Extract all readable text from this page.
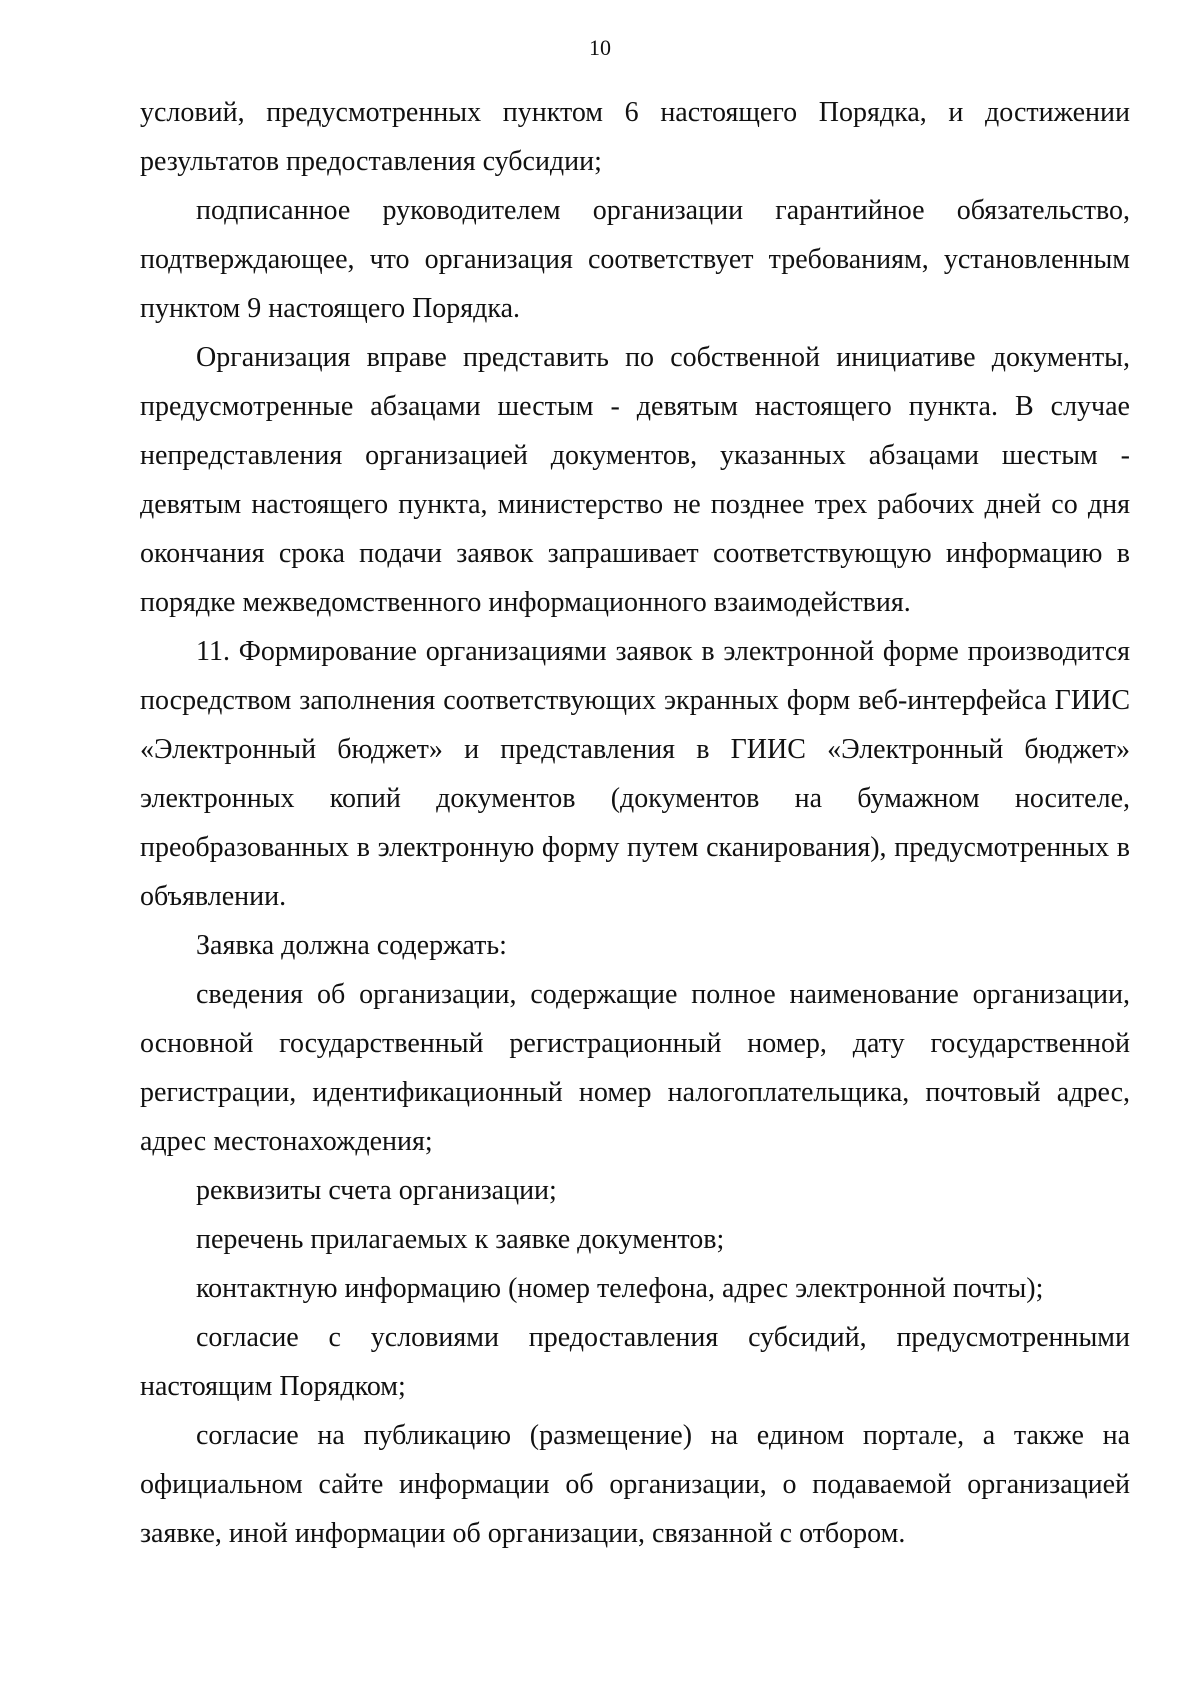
10

условий, предусмотренных пунктом 6 настоящего Порядка, и достижении результатов предоставления субсидии;

подписанное руководителем организации гарантийное обязательство, подтверждающее, что организация соответствует требованиям, установленным пунктом 9 настоящего Порядка.

Организация вправе представить по собственной инициативе документы, предусмотренные абзацами шестым - девятым настоящего пункта. В случае непредставления организацией документов, указанных абзацами шестым - девятым настоящего пункта, министерство не позднее трех рабочих дней со дня окончания срока подачи заявок запрашивает соответствующую информацию в порядке межведомственного информационного взаимодействия.

11. Формирование организациями заявок в электронной форме производится посредством заполнения соответствующих экранных форм веб-интерфейса ГИИС «Электронный бюджет» и представления в ГИИС «Электронный бюджет» электронных копий документов (документов на бумажном носителе, преобразованных в электронную форму путем сканирования), предусмотренных в объявлении.

Заявка должна содержать:

сведения об организации, содержащие полное наименование организации, основной государственный регистрационный номер, дату государственной регистрации, идентификационный номер налогоплательщика, почтовый адрес, адрес местонахождения;

реквизиты счета организации;

перечень прилагаемых к заявке документов;

контактную информацию (номер телефона, адрес электронной почты);

согласие с условиями предоставления субсидий, предусмотренными настоящим Порядком;

согласие на публикацию (размещение) на едином портале, а также на официальном сайте информации об организации, о подаваемой организацией заявке, иной информации об организации, связанной с отбором.
